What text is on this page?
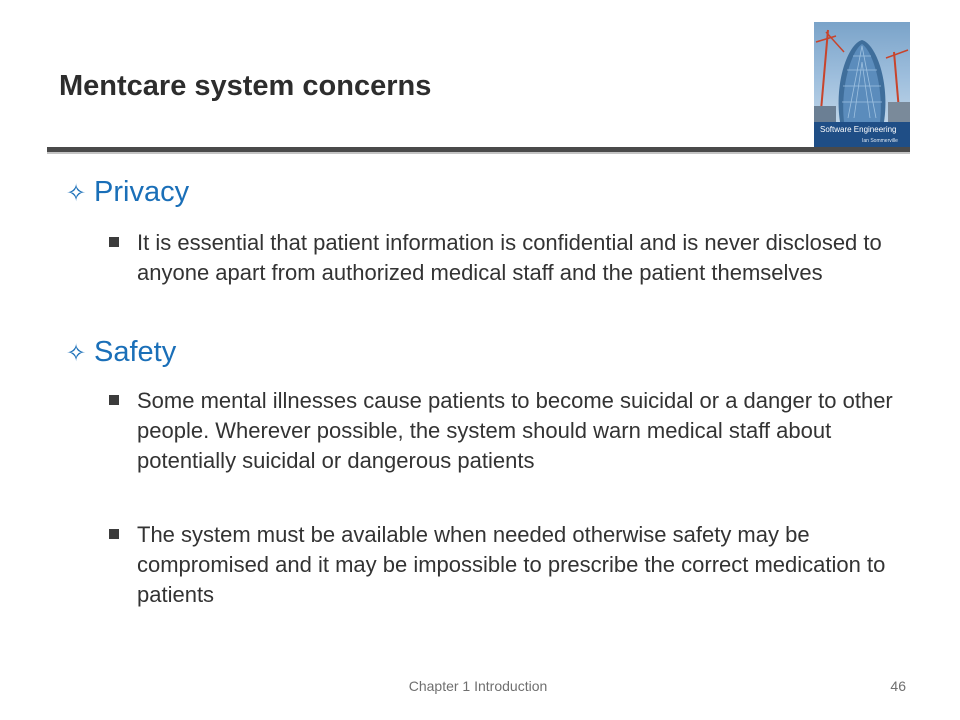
Mentcare system concerns
Software Engineering
Ian Sommerville
✧ Privacy
It is essential that patient information is confidential and is never disclosed to anyone apart from authorized medical staff and the patient themselves
✧ Safety
Some mental illnesses cause patients to become suicidal or a danger to other people. Wherever possible, the system should warn medical staff about potentially suicidal or dangerous patients
The system must be available when needed otherwise safety may be compromised and it may be impossible to prescribe the correct medication to patients
Chapter 1 Introduction	46
